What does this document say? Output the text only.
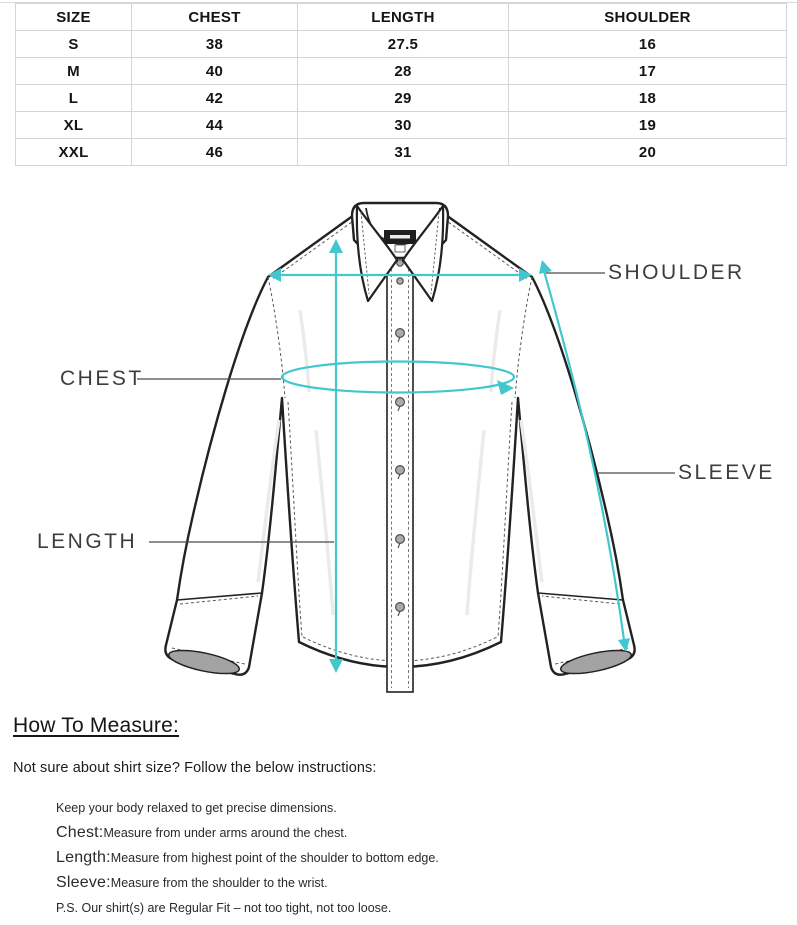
SIZE	CHEST	LENGTH	SHOULDER
S	38	27.5	16
M	40	28	17
L	42	29	18
XL	44	30	19
XXL	46	31	20
SHOULDER
CHEST
LENGTH
SLEEVE
How To Measure:

Not sure about shirt size? Follow the below instructions:

Keep your body relaxed to get precise dimensions.

Chest:Measure from under arms around the chest.

Length:Measure from highest point of the shoulder to bottom edge.

Sleeve:Measure from the shoulder to the wrist.

P.S. Our shirt(s) are Regular Fit – not too tight, not too loose.
